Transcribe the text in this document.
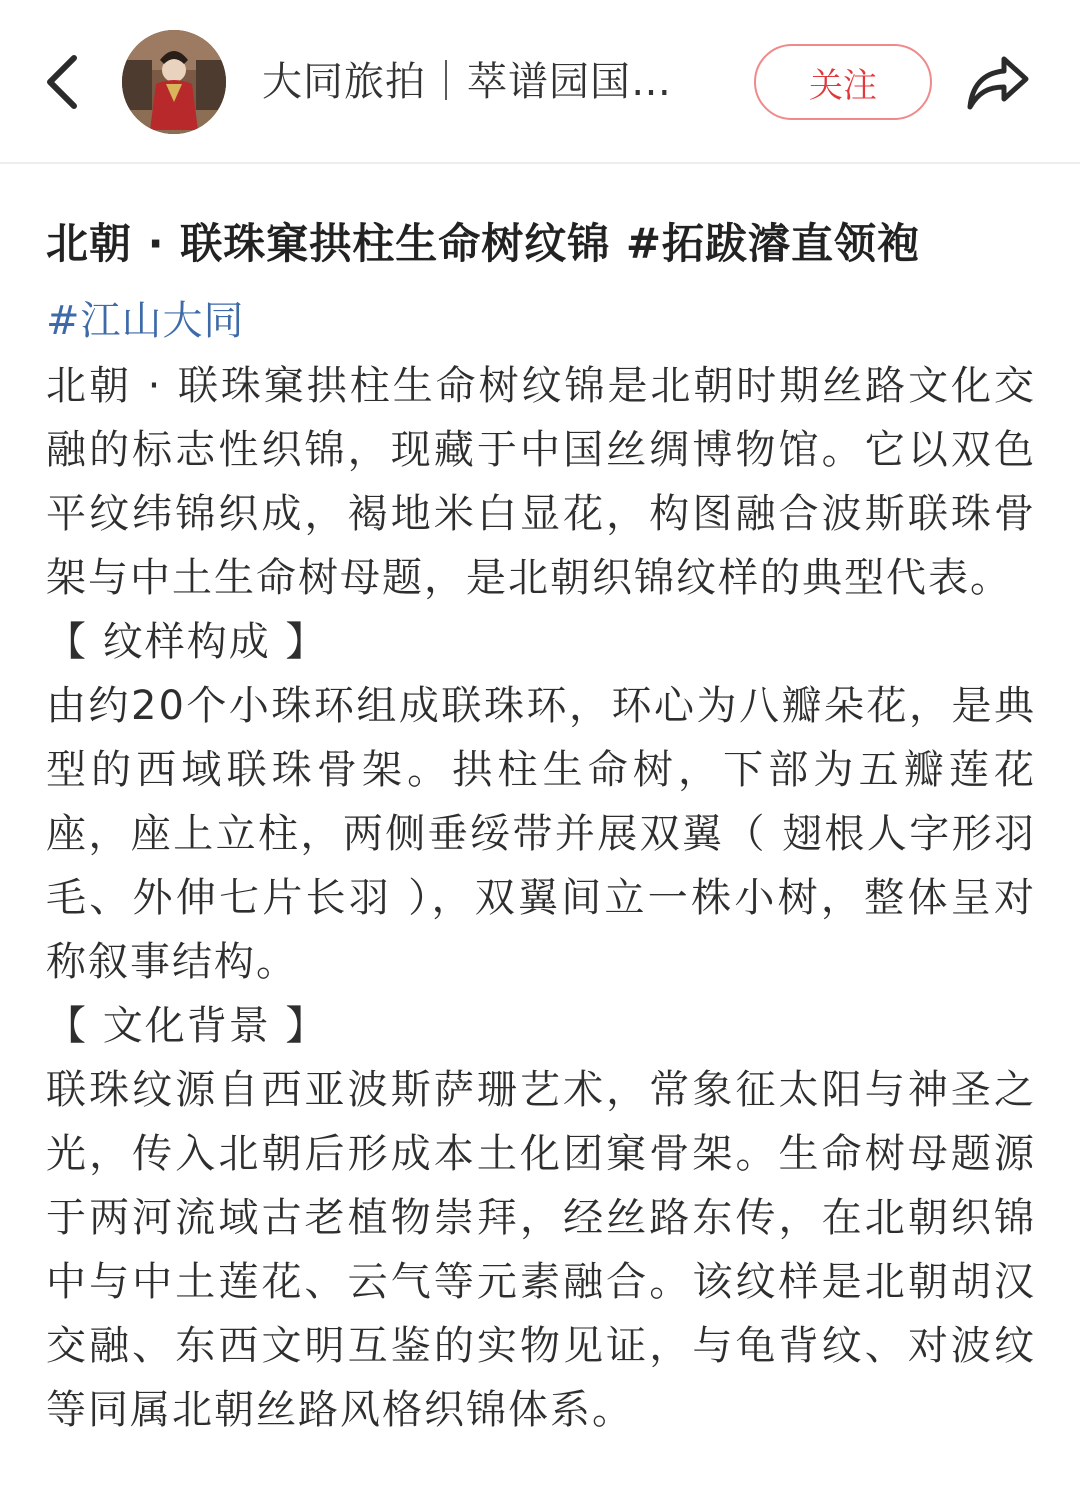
大同旅拍｜萃谱园国…	关注
北朝 · 联珠窠拱柱生命树纹锦 #拓跋濬直领袍
#江山大同

北朝 · 联珠窠拱柱生命树纹锦是北朝时期丝路文化交融的标志性织锦，现藏于中国丝绸博物馆。它以双色平纹纬锦织成，褐地米白显花，构图融合波斯联珠骨架与中土生命树母题，是北朝织锦纹样的典型代表。

【 纹样构成 】

由约20个小珠环组成联珠环，环心为八瓣朵花，是典型的西域联珠骨架。拱柱生命树，下部为五瓣莲花座，座上立柱，两侧垂绥带并展双翼（ 翅根人字形羽毛、外伸七片长羽 ），双翼间立一株小树，整体呈对称叙事结构。

【 文化背景 】

联珠纹源自西亚波斯萨珊艺术，常象征太阳与神圣之光，传入北朝后形成本土化团窠骨架。生命树母题源于两河流域古老植物崇拜，经丝路东传，在北朝织锦中与中土莲花、云气等元素融合。该纹样是北朝胡汉交融、东西文明互鉴的实物见证，与龟背纹、对波纹等同属北朝丝路风格织锦体系。
